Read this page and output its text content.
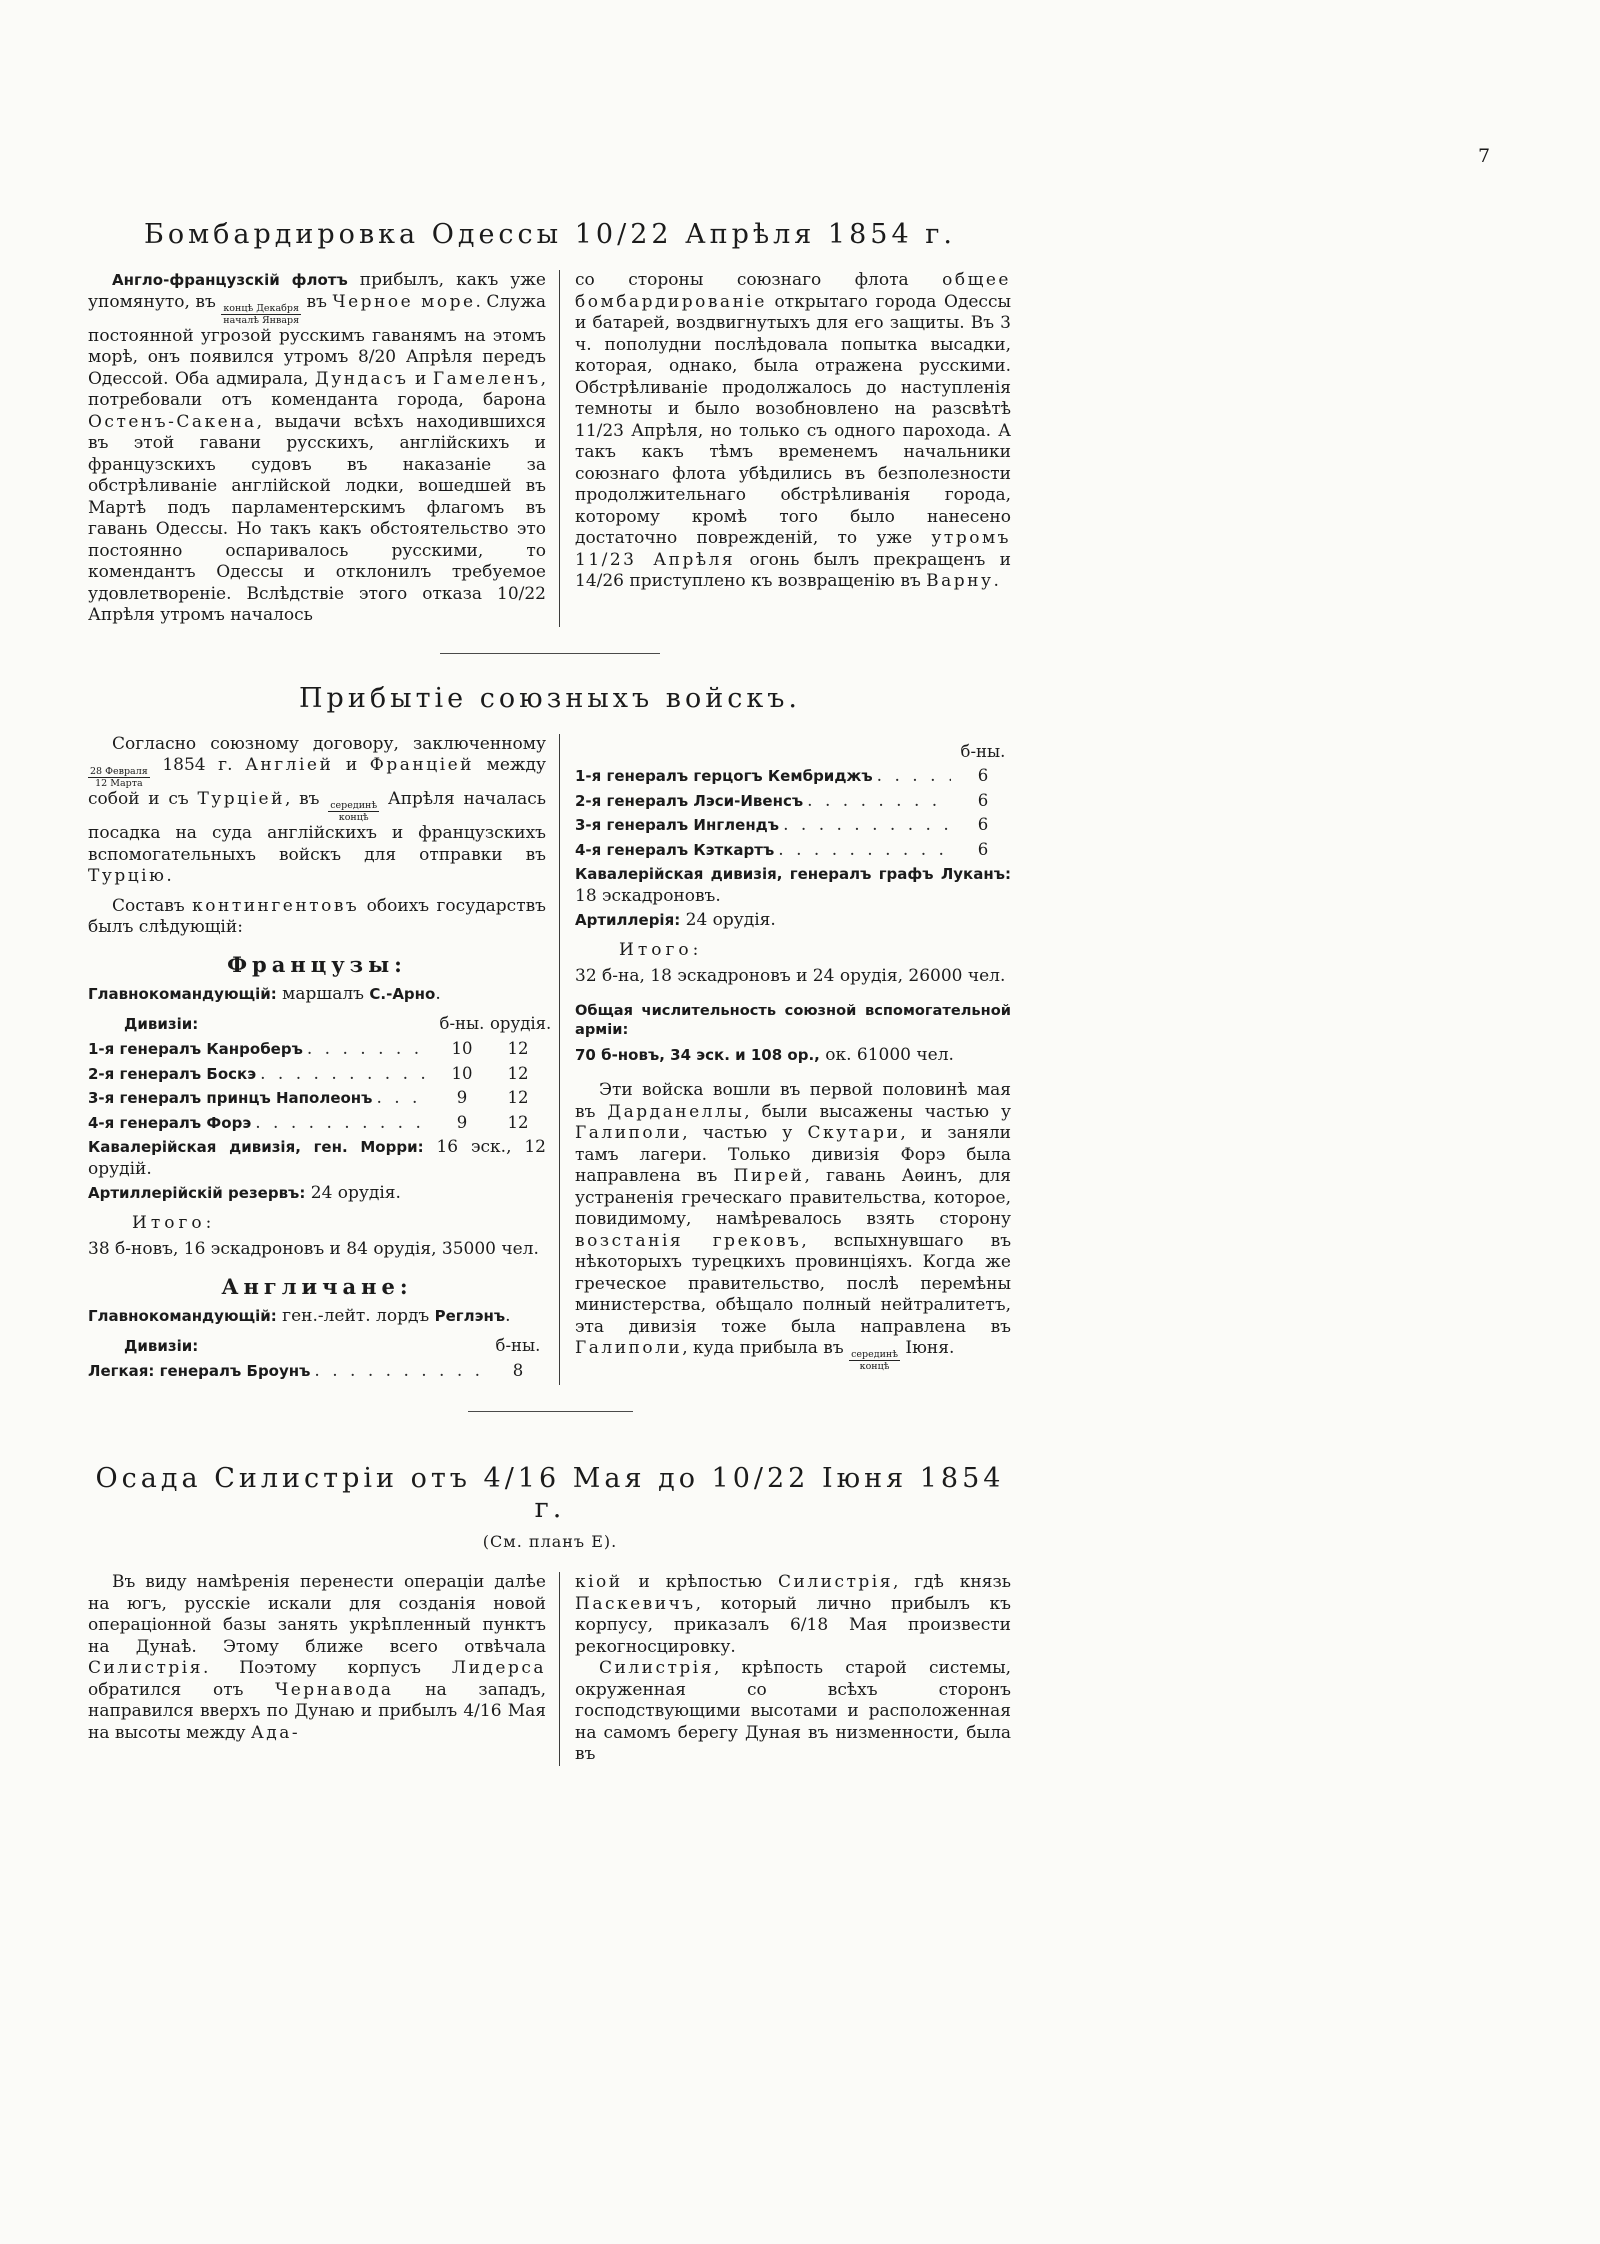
7
Бомбардировка Одессы 10/22 Апрѣля 1854 г.

Англо-французскій флотъ прибылъ, какъ уже упомянуто, въ
$\frac{\text{концѣ Декабря}}{\text{началѣ Января}}$
въ Черное море. Служа постоянной угрозой русскимъ гаванямъ на этомъ морѣ, онъ появился утромъ 8/20 Апрѣля передъ Одессой. Оба адмирала, Дундасъ и Гамеленъ, потребовали отъ коменданта города, барона Остенъ-Сакена, выдачи всѣхъ находившихся въ этой гавани русскихъ, англійскихъ и французскихъ судовъ въ наказаніе за обстрѣливаніе англійской лодки, вошедшей въ Мартѣ подъ парламентерскимъ флагомъ въ гавань Одессы. Но такъ какъ обстоятельство это постоянно оспаривалось русскими, то комендантъ Одессы и отклонилъ требуемое удовлетвореніе. Вслѣдствіе этого отказа 10/22 Апрѣля утромъ началось

со стороны союзнаго флота общее бомбардированіе открытаго города Одессы и батарей, воздвигнутыхъ для его защиты. Въ 3 ч. пополудни послѣдовала попытка высадки, которая, однако, была отражена русскими. Обстрѣливаніе продолжалось до наступленія темноты и было возобновлено на разсвѣтѣ 11/23 Апрѣля, но только съ одного парохода. А такъ какъ тѣмъ временемъ начальники союзнаго флота убѣдились въ безполезности продолжительнаго обстрѣливанія города, которому кромѣ того было нанесено достаточно поврежденій, то уже утромъ 11/23 Апрѣля огонь былъ прекращенъ и 14/26 приступлено къ возвращенію въ Варну.

Прибытіе союзныхъ войскъ.

Согласно союзному договору, заключенному
$\frac{\text{28 Февраля}}{\text{12 Марта}}$
1854 г. Англіей и Франціей между собой и съ Турціей, въ
$\frac{\text{серединѣ}}{\text{концѣ}}$
Апрѣля началась посадка на суда англійскихъ и французскихъ вспомогательныхъ войскъ для отправки въ Турцію.

Составъ контингентовъ обоихъ государствъ былъ слѣдующій:

Французы:

Главнокомандующій: маршалъ С.-Арно.

Дивизіи:	б-ны. орудія.
1-я генералъ Канроберъ . . .	10	12
2-я генералъ Боскэ . . .	10	12
3-я генералъ принцъ Наполеонъ . . .	9	12
4-я генералъ Форэ . . .	9	12

Кавалерійская дивизія, ген. Морри: 16 эск., 12 орудій.

Артиллерійскій резервъ: 24 орудія.

Итого:

38 б-новъ, 16 эскадроновъ и 84 орудія, 35000 чел.

Англичане:

Главнокомандующій: ген.-лейт. лордъ Реглэнъ.

Дивизіи:	б-ны.
Легкая: генералъ Броунъ . . .	8
б-ны.
1-я генералъ герцогъ Кембриджъ . . .	6
2-я генералъ Лэси-Ивенсъ . . .	6
3-я генералъ Инглендъ . . .	6
4-я генералъ Кэткартъ . . .	6

Кавалерійская дивизія, генералъ графъ Луканъ: 18 эскадроновъ.

Артиллерія: 24 орудія.

Итого:

32 б-на, 18 эскадроновъ и 24 орудія, 26000 чел.

Общая числительность союзной вспомогательной арміи:

70 б-новъ, 34 эск. и 108 ор., ок. 61000 чел.

Эти войска вошли въ первой половинѣ мая въ Дарданеллы, были высажены частью у Галиполи, частью у Скутари, и заняли тамъ лагери. Только дивизія Форэ была направлена въ Пирей, гавань Аѳинъ, для устраненія греческаго правительства, которое, повидимому, намѣревалось взять сторону возстанія грековъ, вспыхнувшаго въ нѣкоторыхъ турецкихъ провинціяхъ. Когда же греческое правительство, послѣ перемѣны министерства, обѣщало полный нейтралитетъ, эта дивизія тоже была направлена въ Галиполи, куда прибыла въ
$\frac{\text{серединѣ}}{\text{концѣ}}$
Іюня.

Осада Силистріи отъ 4/16 Мая до 10/22 Іюня 1854 г.
(См. планъ Е).

Въ виду намѣренія перенести операціи далѣе на югъ, русскіе искали для созданія новой операціонной базы занять укрѣпленный пунктъ на Дунаѣ. Этому ближе всего отвѣчала Силистрія. Поэтому корпусъ Лидерса обратился отъ Чернавода на западъ, направился вверхъ по Дунаю и прибылъ 4/16 Мая на высоты между Ада-

кіой и крѣпостью Силистрія, гдѣ князь Паскевичъ, который лично прибылъ къ корпусу, приказалъ 6/18 Мая произвести рекогносцировку.

Силистрія, крѣпость старой системы, окруженная со всѣхъ сторонъ господствующими высотами и расположенная на самомъ берегу Дуная въ низменности, была въ
